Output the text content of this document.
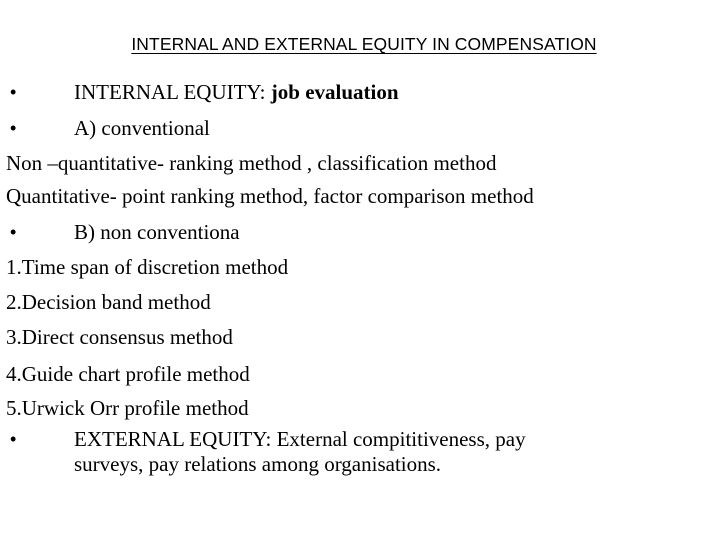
INTERNAL AND EXTERNAL EQUITY IN COMPENSATION
•	INTERNAL EQUITY: job evaluation
•	A) conventional
Non –quantitative- ranking method , classification method
Quantitative- point ranking method, factor comparison method
•	B) non conventiona
1.Time span of discretion method
2.Decision band method
3.Direct consensus method
4.Guide chart profile method
5.Urwick Orr profile method
•	EXTERNAL EQUITY: External compititiveness, pay
surveys, pay relations among organisations.
